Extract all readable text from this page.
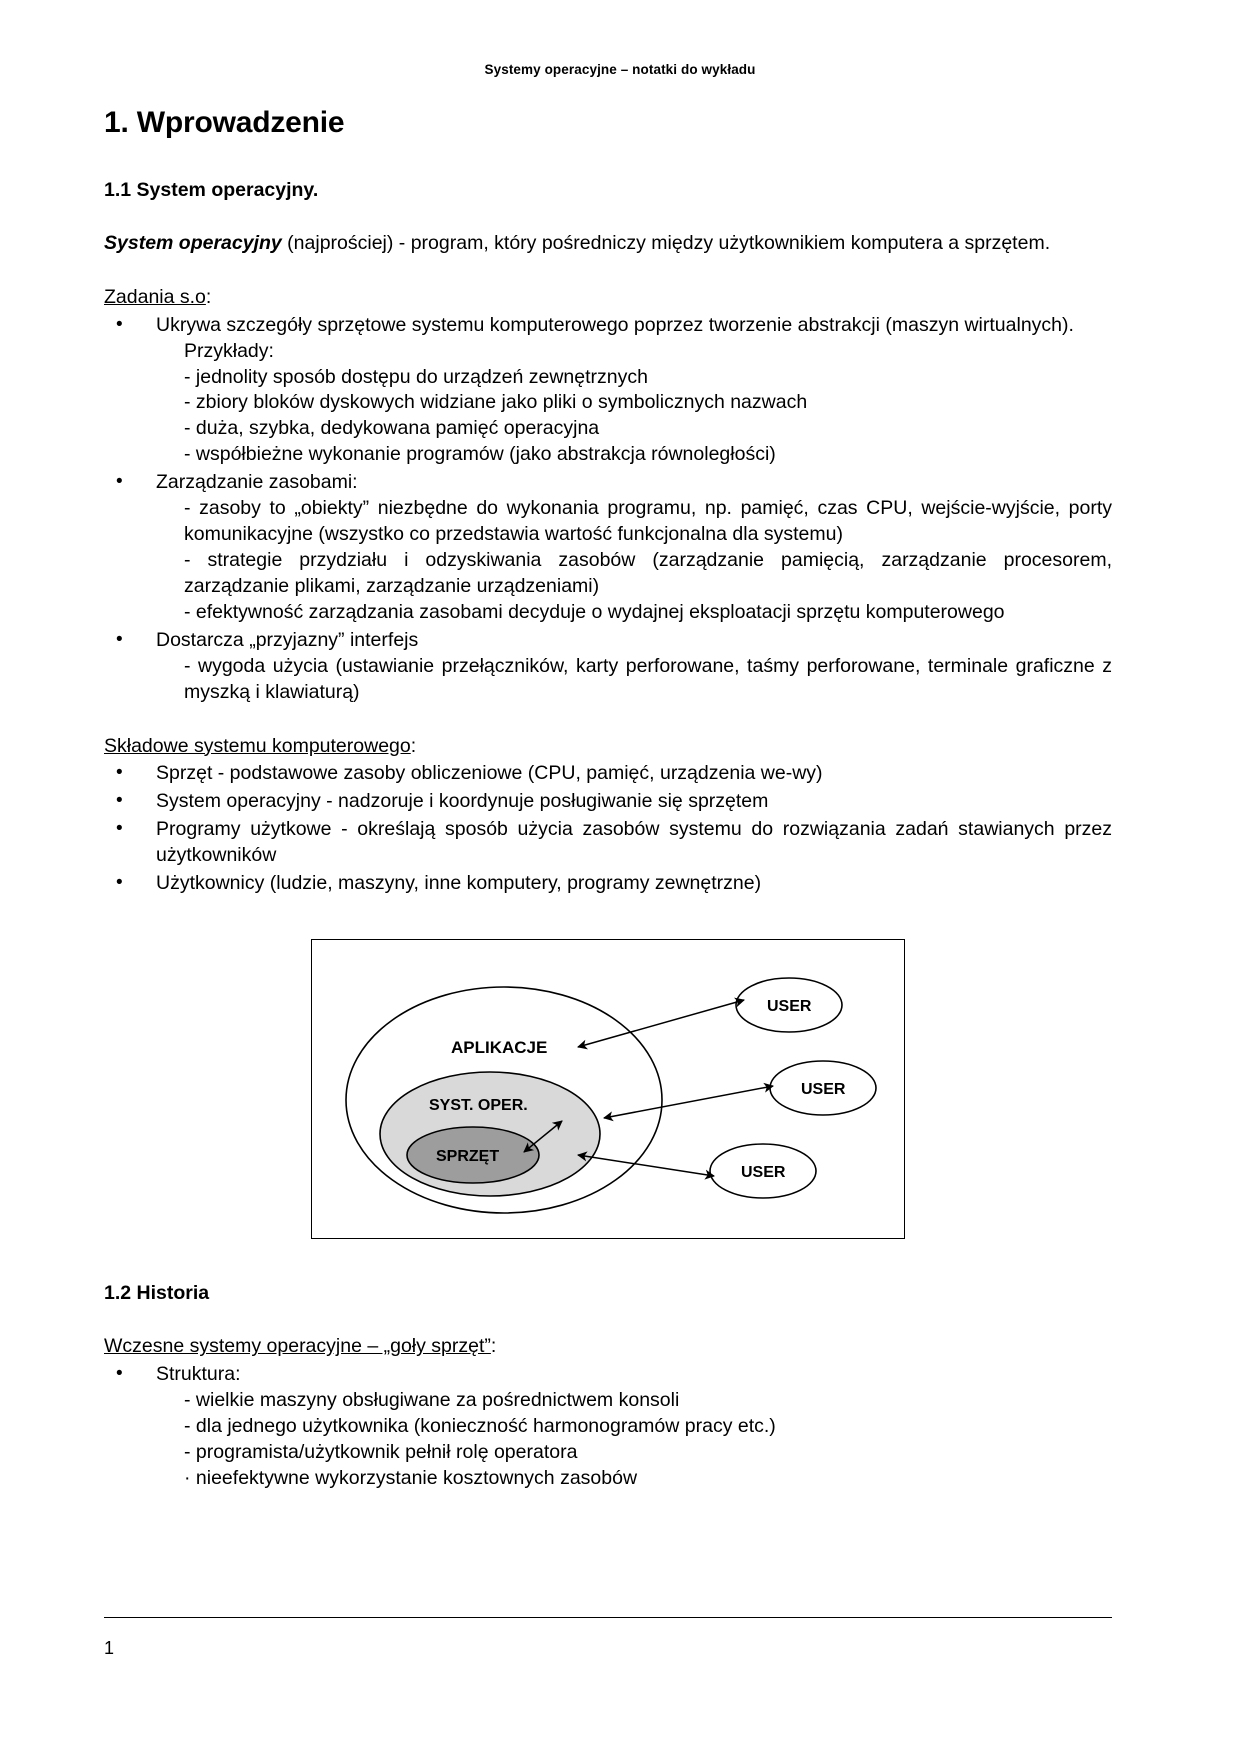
Systemy operacyjne – notatki do wykładu
1. Wprowadzenie
1.1 System operacyjny.

System operacyjny (najprościej) - program, który pośredniczy między użytkownikiem komputera a sprzętem.

Zadania s.o:

• Ukrywa szczegóły sprzętowe systemu komputerowego poprzez tworzenie abstrakcji (maszyn wirtualnych).
Przykłady:
- jednolity sposób dostępu do urządzeń zewnętrznych
- zbiory bloków dyskowych widziane jako pliki o symbolicznych nazwach
- duża, szybka, dedykowana pamięć operacyjna
- współbieżne wykonanie programów (jako abstrakcja równoległości)
• Zarządzanie zasobami:
- zasoby to „obiekty” niezbędne do wykonania programu, np. pamięć, czas CPU, wejście-wyjście, porty komunikacyjne (wszystko co przedstawia wartość funkcjonalna dla systemu)
- strategie przydziału i odzyskiwania zasobów (zarządzanie pamięcią, zarządzanie procesorem, zarządzanie plikami, zarządzanie urządzeniami)
- efektywność zarządzania zasobami decyduje o wydajnej eksploatacji sprzętu komputerowego
• Dostarcza „przyjazny” interfejs
- wygoda użycia (ustawianie przełączników, karty perforowane, taśmy perforowane, terminale graficzne z myszką i klawiaturą)

Składowe systemu komputerowego:

• Sprzęt - podstawowe zasoby obliczeniowe (CPU, pamięć, urządzenia we-wy)
• System operacyjny - nadzoruje i koordynuje posługiwanie się sprzętem
• Programy użytkowe - określają sposób użycia zasobów systemu do rozwiązania zadań stawianych przez użytkowników
• Użytkownicy (ludzie, maszyny, inne komputery, programy zewnętrzne)
APLIKACJE
SYST. OPER.
SPRZĘT
USER
USER
USER
1.2 Historia

Wczesne systemy operacyjne – „goły sprzęt”:

• Struktura:
- wielkie maszyny obsługiwane za pośrednictwem konsoli
- dla jednego użytkownika (konieczność harmonogramów pracy etc.)
- programista/użytkownik pełnił rolę operatora
· nieefektywne wykorzystanie kosztownych zasobów
1
